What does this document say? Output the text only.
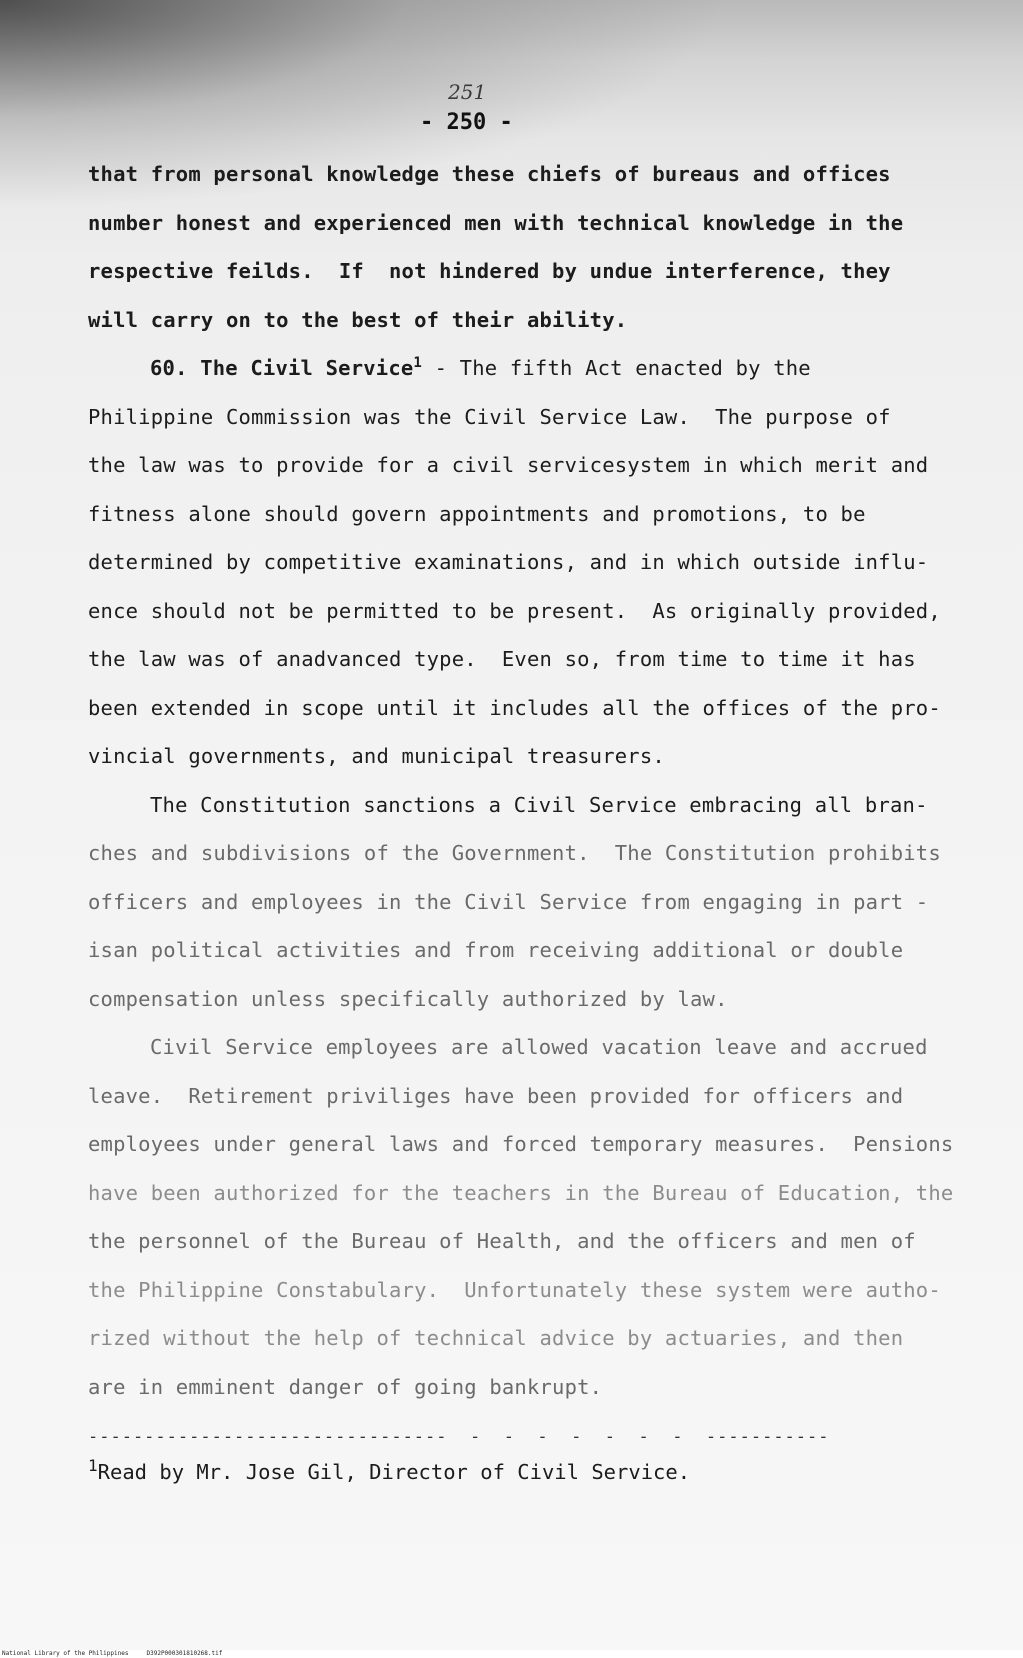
251
- 250 -
that from personal knowledge these chiefs of bureaus and offices
number honest and experienced men with technical knowledge in the
respective feilds.  If  not hindered by undue interference, they
will carry on to the best of their ability.
60. The Civil Service$^1$ - The fifth Act enacted by the
Philippine Commission was the Civil Service Law.  The purpose of
the law was to provide for a civil servicesystem in which merit and
fitness alone should govern appointments and promotions, to be
determined by competitive examinations, and in which outside influ-
ence should not be permitted to be present.  As originally provided,
the law was of anadvanced type.  Even so, from time to time it has
been extended in scope until it includes all the offices of the pro-
vincial governments, and municipal treasurers.
The Constitution sanctions a Civil Service embracing all bran-
ches and subdivisions of the Government.  The Constitution prohibits
officers and employees in the Civil Service from engaging in part -
isan political activities and from receiving additional or double
compensation unless specifically authorized by law.
Civil Service employees are allowed vacation leave and accrued
leave.  Retirement priviliges have been provided for officers and
employees under general laws and forced temporary measures.  Pensions
have been authorized for the teachers in the Bureau of Education, the
the personnel of the Bureau of Health, and the officers and men of
the Philippine Constabulary.  Unfortunately these system were autho-
rized without the help of technical advice by actuaries, and then
are in emminent danger of going bankrupt.
--------------------------------  -  -  -  -  -  -  -  -----------
$^1$Read by Mr. Jose Gil, Director of Civil Service.
National Library of the Philippines     D392P000301810268.tif
